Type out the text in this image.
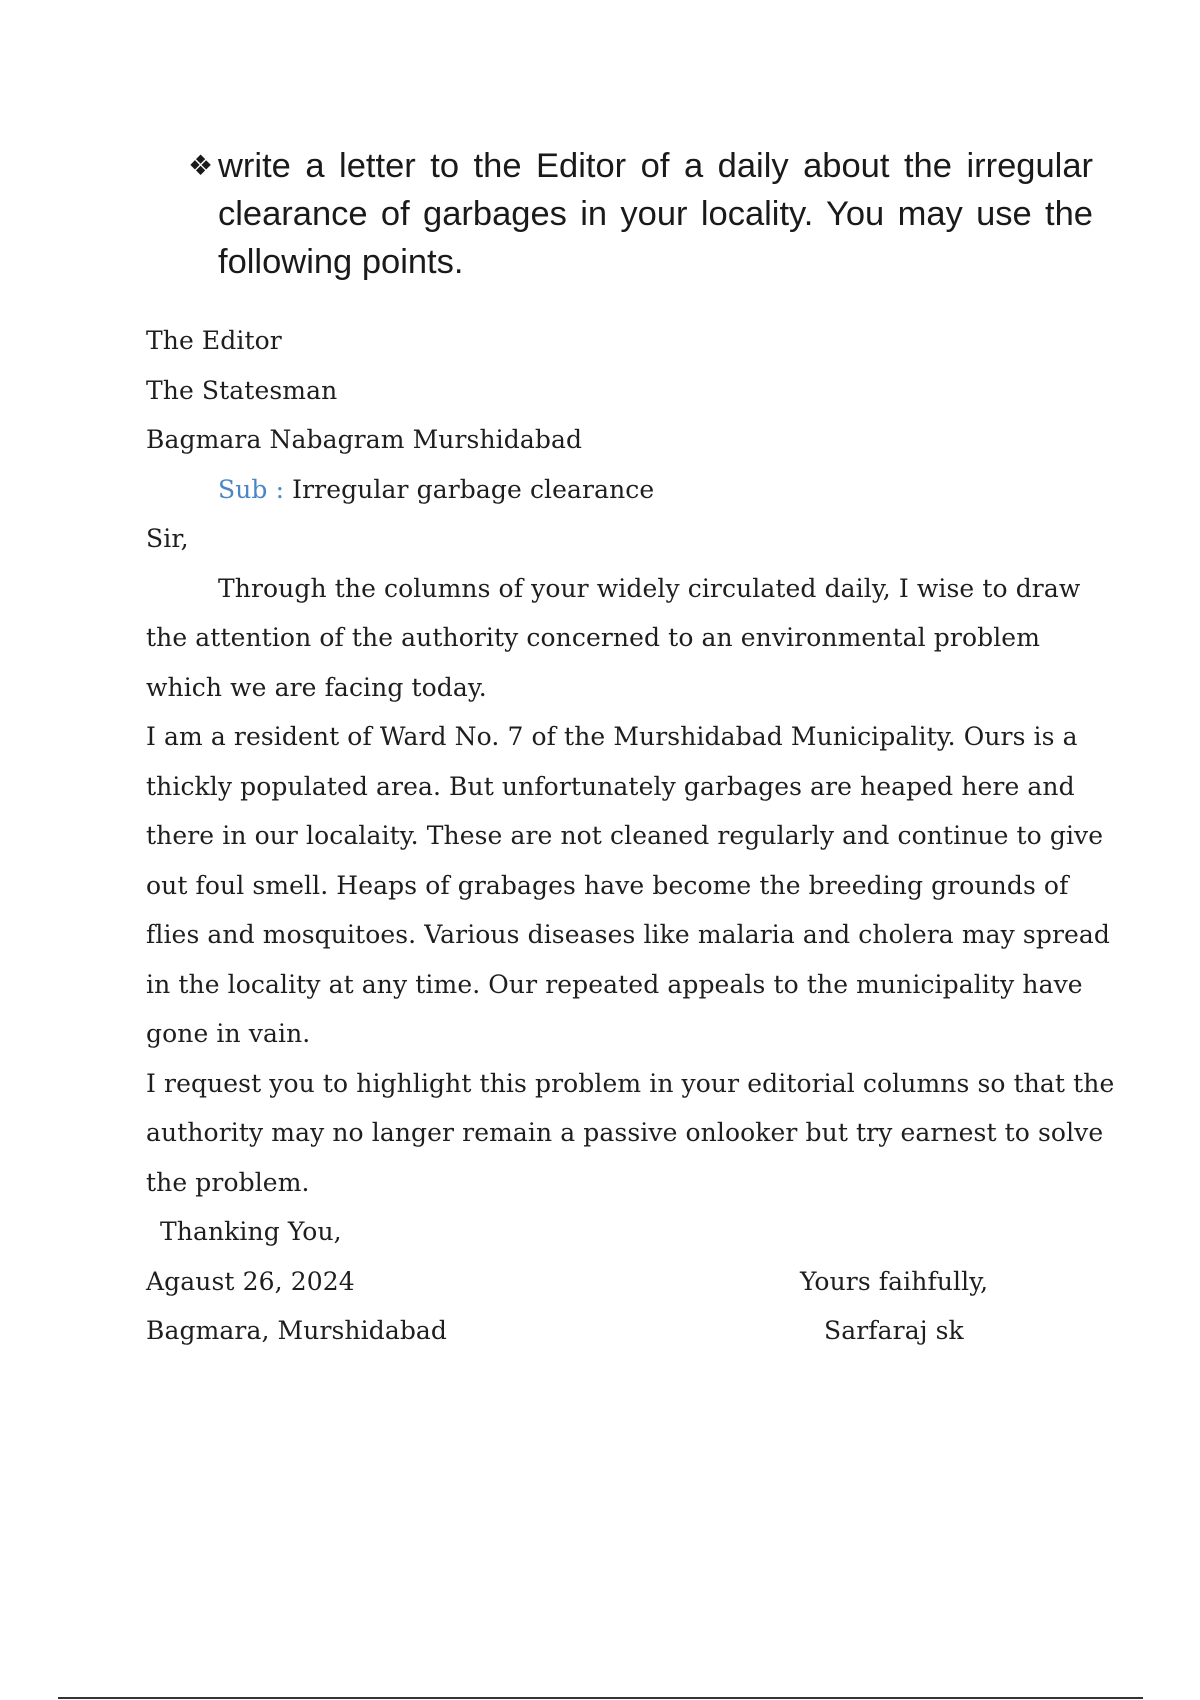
❖ write a letter to the Editor of a daily about the irregular clearance of garbages in your locality. You may use the following points.
The Editor
The Statesman
Bagmara Nabagram Murshidabad
Sub : Irregular garbage clearance
Sir,
Through the columns of your widely circulated daily, I wise to draw
the attention of the authority concerned to an environmental problem
which we are facing today.
I am a resident of Ward No. 7 of the Murshidabad Municipality. Ours is a
thickly populated area. But unfortunately garbages are heaped here and
there in our localaity. These are not cleaned regularly and continue to give
out foul smell. Heaps of grabages have become the breeding grounds of
flies and mosquitoes. Various diseases like malaria and cholera may spread
in the locality at any time. Our repeated appeals to the municipality have
gone in vain.
I request you to highlight this problem in your editorial columns so that the
authority may no langer remain a passive onlooker but try earnest to solve
the problem.
Thanking You,
Agaust 26, 2024	Yours faihfully,
Bagmara, Murshidabad	Sarfaraj sk
